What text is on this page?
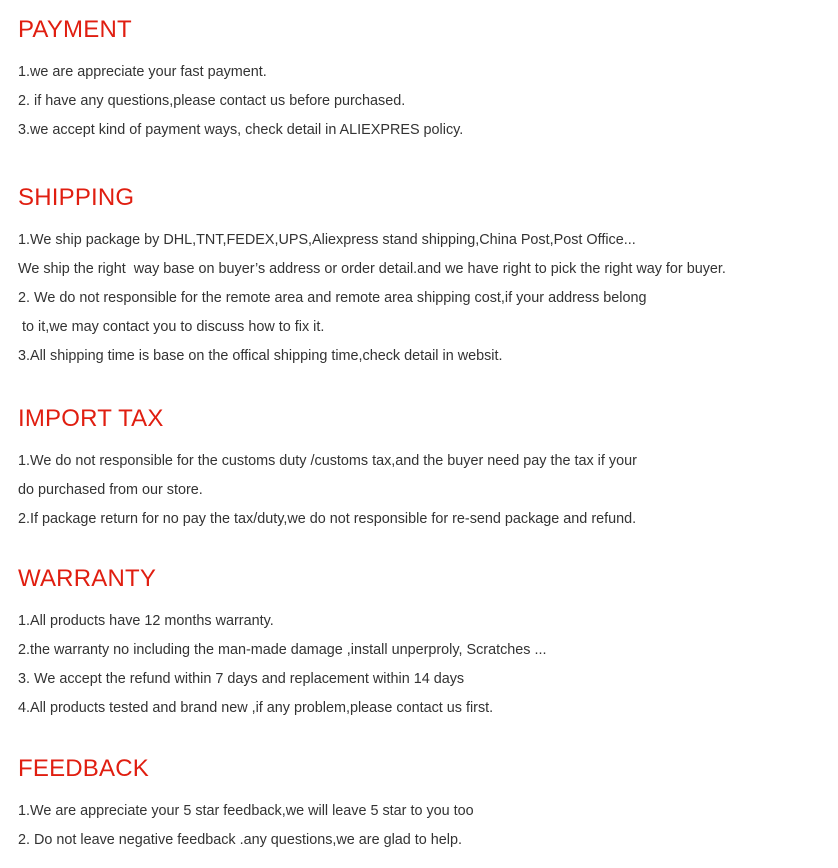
PAYMENT

1.we are appreciate your fast payment.

2. if have any questions,please contact us before purchased.

3.we accept kind of payment ways, check detail in ALIEXPRES policy.

SHIPPING

1.We ship package by DHL,TNT,FEDEX,UPS,Aliexpress stand shipping,China Post,Post Office...

We ship the right  way base on buyer’s address or order detail.and we have right to pick the right way for buyer.

2. We do not responsible for the remote area and remote area shipping cost,if your address belong

to it,we may contact you to discuss how to fix it.

3.All shipping time is base on the offical shipping time,check detail in websit.

IMPORT TAX

1.We do not responsible for the customs duty /customs tax,and the buyer need pay the tax if your

do purchased from our store.

2.If package return for no pay the tax/duty,we do not responsible for re-send package and refund.

WARRANTY

1.All products have 12 months warranty.

2.the warranty no including the man-made damage ,install unperproly, Scratches ...

3. We accept the refund within 7 days and replacement within 14 days

4.All products tested and brand new ,if any problem,please contact us first.

FEEDBACK

1.We are appreciate your 5 star feedback,we will leave 5 star to you too

2. Do not leave negative feedback .any questions,we are glad to help.
